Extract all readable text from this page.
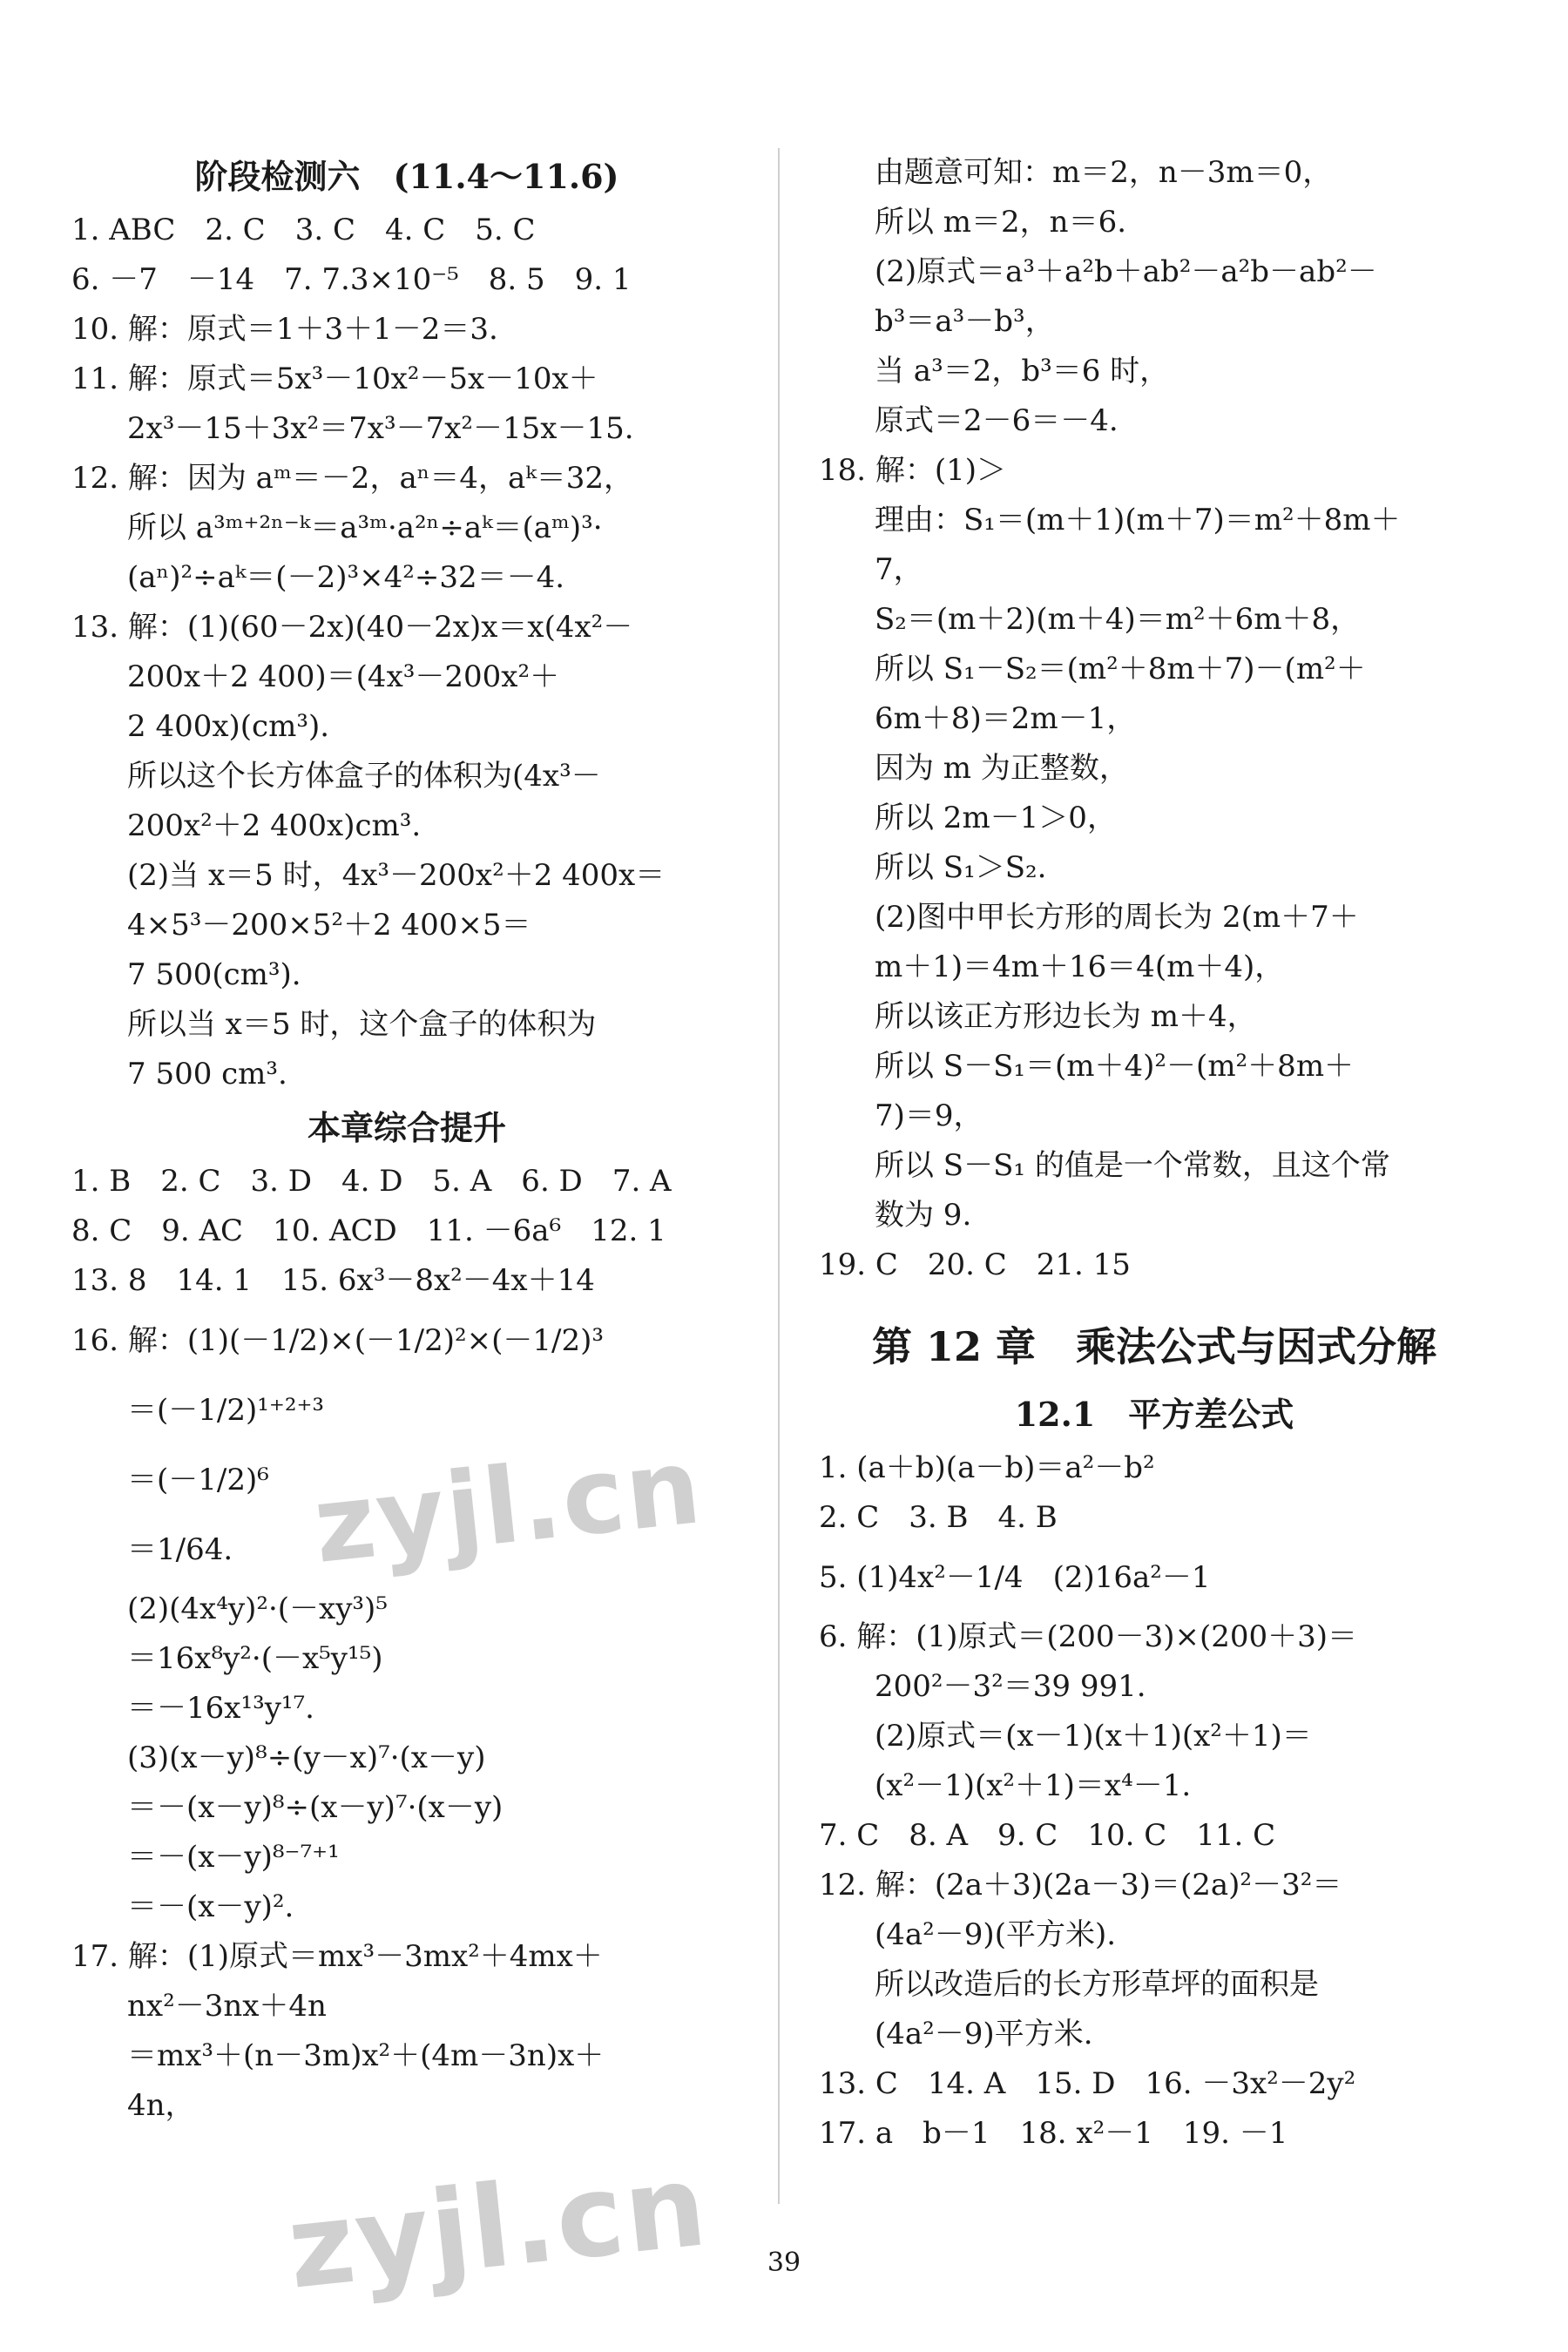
阶段检测六　(11.4～11.6)
1. ABC　2. C　3. C　4. C　5. C
6. －7　－14　7. 7.3×10⁻⁵　8. 5　9. 1
10. 解：原式＝1＋3＋1－2＝3.
11. 解：原式＝5x³－10x²－5x－10x＋
2x³－15＋3x²＝7x³－7x²－15x－15.
12. 解：因为 aᵐ＝－2，aⁿ＝4，aᵏ＝32，
所以 a³ᵐ⁺²ⁿ⁻ᵏ＝a³ᵐ·a²ⁿ÷aᵏ＝(aᵐ)³·
(aⁿ)²÷aᵏ＝(－2)³×4²÷32＝－4.
13. 解：(1)(60－2x)(40－2x)x＝x(4x²－
200x＋2 400)＝(4x³－200x²＋
2 400x)(cm³).
所以这个长方体盒子的体积为(4x³－
200x²＋2 400x)cm³.
(2)当 x＝5 时，4x³－200x²＋2 400x＝
4×5³－200×5²＋2 400×5＝
7 500(cm³).
所以当 x＝5 时，这个盒子的体积为
7 500 cm³.
本章综合提升
1. B　2. C　3. D　4. D　5. A　6. D　7. A
8. C　9. AC　10. ACD　11. －6a⁶　12. 1
13. 8　14. 1　15. 6x³－8x²－4x＋14
16. 解：(1)(－1/2)×(－1/2)²×(－1/2)³
＝(－1/2)¹⁺²⁺³
＝(－1/2)⁶
＝1/64.
(2)(4x⁴y)²·(－xy³)⁵
＝16x⁸y²·(－x⁵y¹⁵)
＝－16x¹³y¹⁷.
(3)(x－y)⁸÷(y－x)⁷·(x－y)
＝－(x－y)⁸÷(x－y)⁷·(x－y)
＝－(x－y)⁸⁻⁷⁺¹
＝－(x－y)².
17. 解：(1)原式＝mx³－3mx²＋4mx＋
nx²－3nx＋4n
＝mx³＋(n－3m)x²＋(4m－3n)x＋
4n，
由题意可知：m＝2，n－3m＝0，
所以 m＝2，n＝6.
(2)原式＝a³＋a²b＋ab²－a²b－ab²－
b³＝a³－b³，
当 a³＝2，b³＝6 时，
原式＝2－6＝－4.
18. 解：(1)＞
理由：S₁＝(m＋1)(m＋7)＝m²＋8m＋
7，
S₂＝(m＋2)(m＋4)＝m²＋6m＋8，
所以 S₁－S₂＝(m²＋8m＋7)－(m²＋
6m＋8)＝2m－1，
因为 m 为正整数，
所以 2m－1＞0，
所以 S₁＞S₂.
(2)图中甲长方形的周长为 2(m＋7＋
m＋1)＝4m＋16＝4(m＋4)，
所以该正方形边长为 m＋4，
所以 S－S₁＝(m＋4)²－(m²＋8m＋
7)＝9，
所以 S－S₁ 的值是一个常数，且这个常
数为 9.
19. C　20. C　21. 15
第 12 章　乘法公式与因式分解
12.1　平方差公式
1. (a＋b)(a－b)＝a²－b²
2. C　3. B　4. B
5. (1)4x²－1/4　(2)16a²－1
6. 解：(1)原式＝(200－3)×(200＋3)＝
200²－3²＝39 991.
(2)原式＝(x－1)(x＋1)(x²＋1)＝
(x²－1)(x²＋1)＝x⁴－1.
7. C　8. A　9. C　10. C　11. C
12. 解：(2a＋3)(2a－3)＝(2a)²－3²＝
(4a²－9)(平方米).
所以改造后的长方形草坪的面积是
(4a²－9)平方米.
13. C　14. A　15. D　16. －3x²－2y²
17. a　b－1　18. x²－1　19. －1
zyjl.cn
zyjl.cn	39
